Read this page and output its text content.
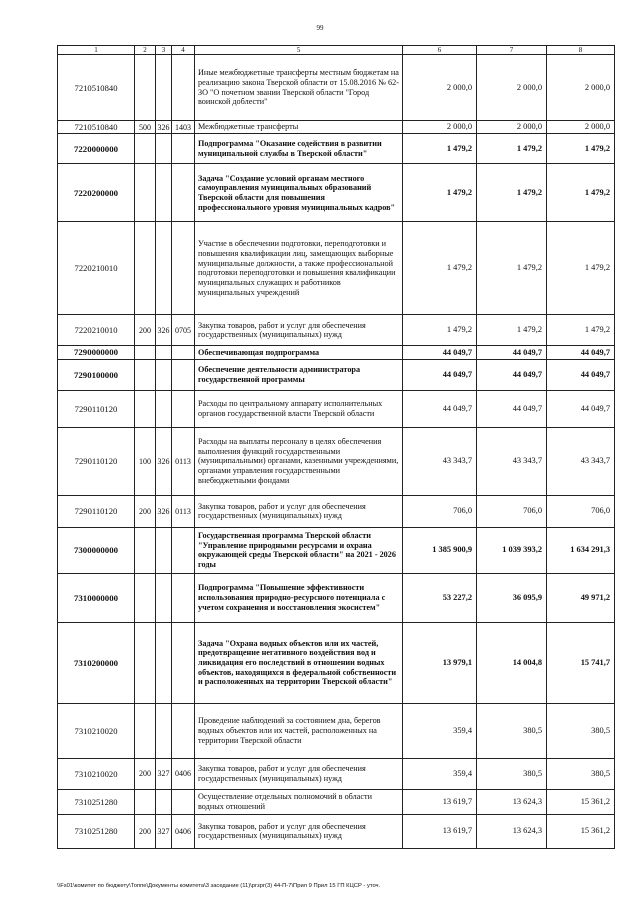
99
1	2	3	4	5	6	7	8
7210510840				Иные межбюджетные трансферты местным бюджетам на реализацию закона Тверской области от 15.08.2016 № 62-ЗО "О почетном звании Тверской области "Город воинской доблести"	2 000,0	2 000,0	2 000,0
7210510840	500	326	1403	Межбюджетные трансферты	2 000,0	2 000,0	2 000,0
7220000000				Подпрограмма "Оказание содействия в развитии муниципальной службы в Тверской области"	1 479,2	1 479,2	1 479,2
7220200000				Задача "Создание условий органам местного самоуправления муниципальных образований Тверской области для повышения профессионального уровня муниципальных кадров"	1 479,2	1 479,2	1 479,2
7220210010				Участие в обеспечении подготовки, переподготовки и повышения квалификации лиц, замещающих выборные муниципальные должности, а также профессиональной подготовки переподготовки и повышения квалификации муниципальных служащих и работников муниципальных учреждений	1 479,2	1 479,2	1 479,2
7220210010	200	326	0705	Закупка товаров, работ и услуг для обеспечения государственных (муниципальных) нужд	1 479,2	1 479,2	1 479,2
7290000000				Обеспечивающая подпрограмма	44 049,7	44 049,7	44 049,7
7290100000				Обеспечение деятельности администратора государственной программы	44 049,7	44 049,7	44 049,7
7290110120				Расходы по центральному аппарату исполнительных органов государственной власти Тверской области	44 049,7	44 049,7	44 049,7
7290110120	100	326	0113	Расходы на выплаты персоналу в целях обеспечения выполнения функций государственными (муниципальными) органами, казенными учреждениями, органами управления государственными внебюджетными фондами	43 343,7	43 343,7	43 343,7
7290110120	200	326	0113	Закупка товаров, работ и услуг для обеспечения государственных (муниципальных) нужд	706,0	706,0	706,0
7300000000				Государственная программа Тверской области "Управление природными ресурсами и охрана окружающей среды Тверской области" на 2021 - 2026 годы	1 385 900,9	1 039 393,2	1 634 291,3
7310000000				Подпрограмма "Повышение эффективности использования природно-ресурсного потенциала с учетом сохранения и восстановления экосистем"	53 227,2	36 095,9	49 971,2
7310200000				Задача "Охрана водных объектов или их частей, предотвращение негативного воздействия вод и ликвидация его последствий в отношении водных объектов, находящихся в федеральной собственности и расположенных на территории Тверской области"	13 979,1	14 004,8	15 741,7
7310210020				Проведение наблюдений за состоянием дна, берегов водных объектов или их частей, расположенных на территории Тверской области	359,4	380,5	380,5
7310210020	200	327	0406	Закупка товаров, работ и услуг для обеспечения государственных (муниципальных) нужд	359,4	380,5	380,5
7310251280				Осуществление отдельных полномочий в области водных отношений	13 619,7	13 624,3	15 361,2
7310251280	200	327	0406	Закупка товаров, работ и услуг для обеспечения государственных (муниципальных) нужд	13 619,7	13 624,3	15 361,2
\\Fs01\комитет по бюджету\Топпе\Документы комитета\3 заседание (11)\ргзрг(3) 44-П-7\Прил 9 Прил 15 ГП КЦСР - уточ.
